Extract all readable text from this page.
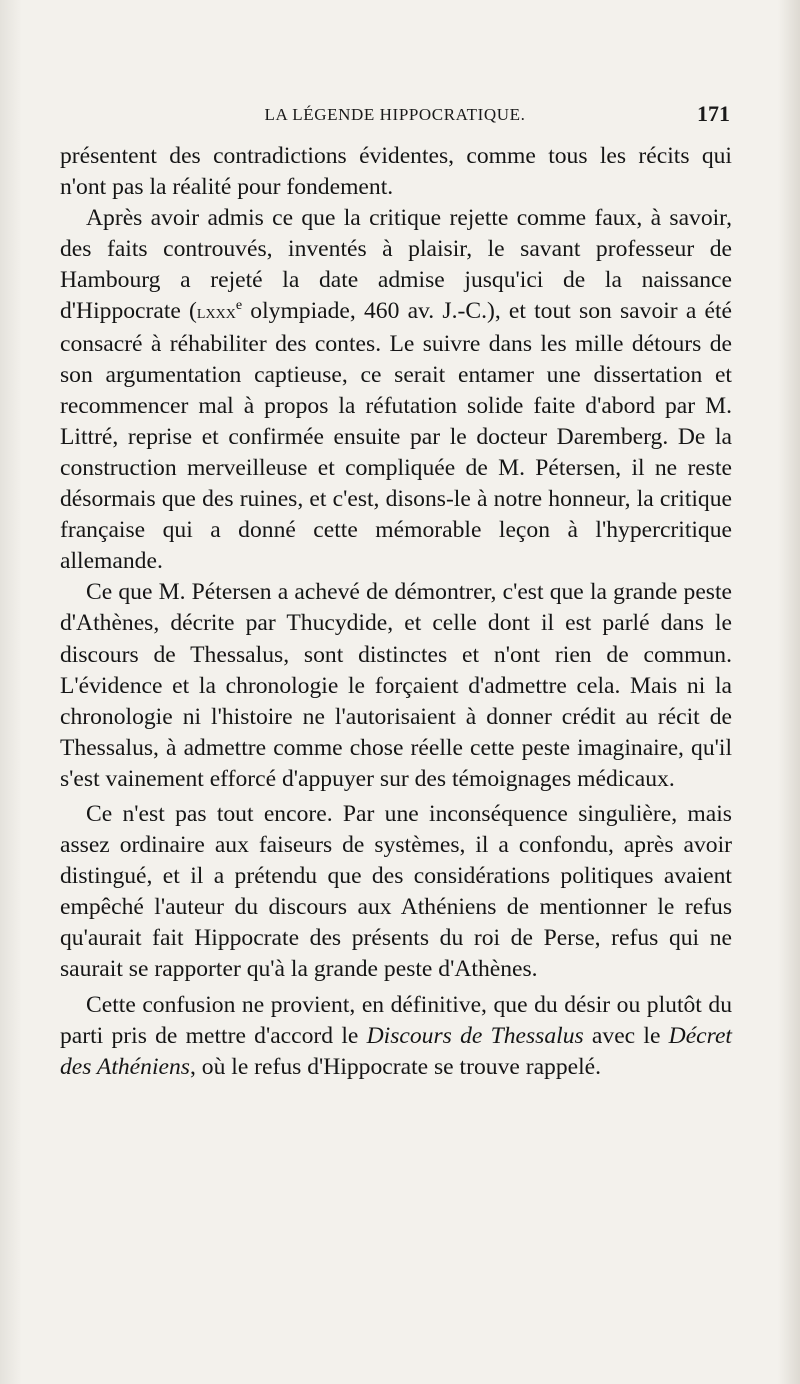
LA LÉGENDE HIPPOCRATIQUE.	171

présentent des contradictions évidentes, comme tous les récits qui n'ont pas la réalité pour fondement.

Après avoir admis ce que la critique rejette comme faux, à savoir, des faits controuvés, inventés à plaisir, le savant professeur de Hambourg a rejeté la date admise jusqu'ici de la naissance d'Hippocrate (lxxx$^e$ olympiade, 460 av. J.-C.), et tout son savoir a été consacré à réhabiliter des contes. Le suivre dans les mille détours de son argumentation captieuse, ce serait entamer une dissertation et recommencer mal à propos la réfutation solide faite d'abord par M. Littré, reprise et confirmée ensuite par le docteur Daremberg. De la construction merveilleuse et compliquée de M. Pétersen, il ne reste désormais que des ruines, et c'est, disons-le à notre honneur, la critique française qui a donné cette mémorable leçon à l'hypercritique allemande.

Ce que M. Pétersen a achevé de démontrer, c'est que la grande peste d'Athènes, décrite par Thucydide, et celle dont il est parlé dans le discours de Thessalus, sont distinctes et n'ont rien de commun. L'évidence et la chronologie le forçaient d'admettre cela. Mais ni la chronologie ni l'histoire ne l'autorisaient à donner crédit au récit de Thessalus, à admettre comme chose réelle cette peste imaginaire, qu'il s'est vainement efforcé d'appuyer sur des témoignages médicaux.

Ce n'est pas tout encore. Par une inconséquence singulière, mais assez ordinaire aux faiseurs de systèmes, il a confondu, après avoir distingué, et il a prétendu que des considérations politiques avaient empêché l'auteur du discours aux Athéniens de mentionner le refus qu'aurait fait Hippocrate des présents du roi de Perse, refus qui ne saurait se rapporter qu'à la grande peste d'Athènes.

Cette confusion ne provient, en définitive, que du désir ou plutôt du parti pris de mettre d'accord le Discours de Thessalus avec le Décret des Athéniens, où le refus d'Hippocrate se trouve rappelé.
